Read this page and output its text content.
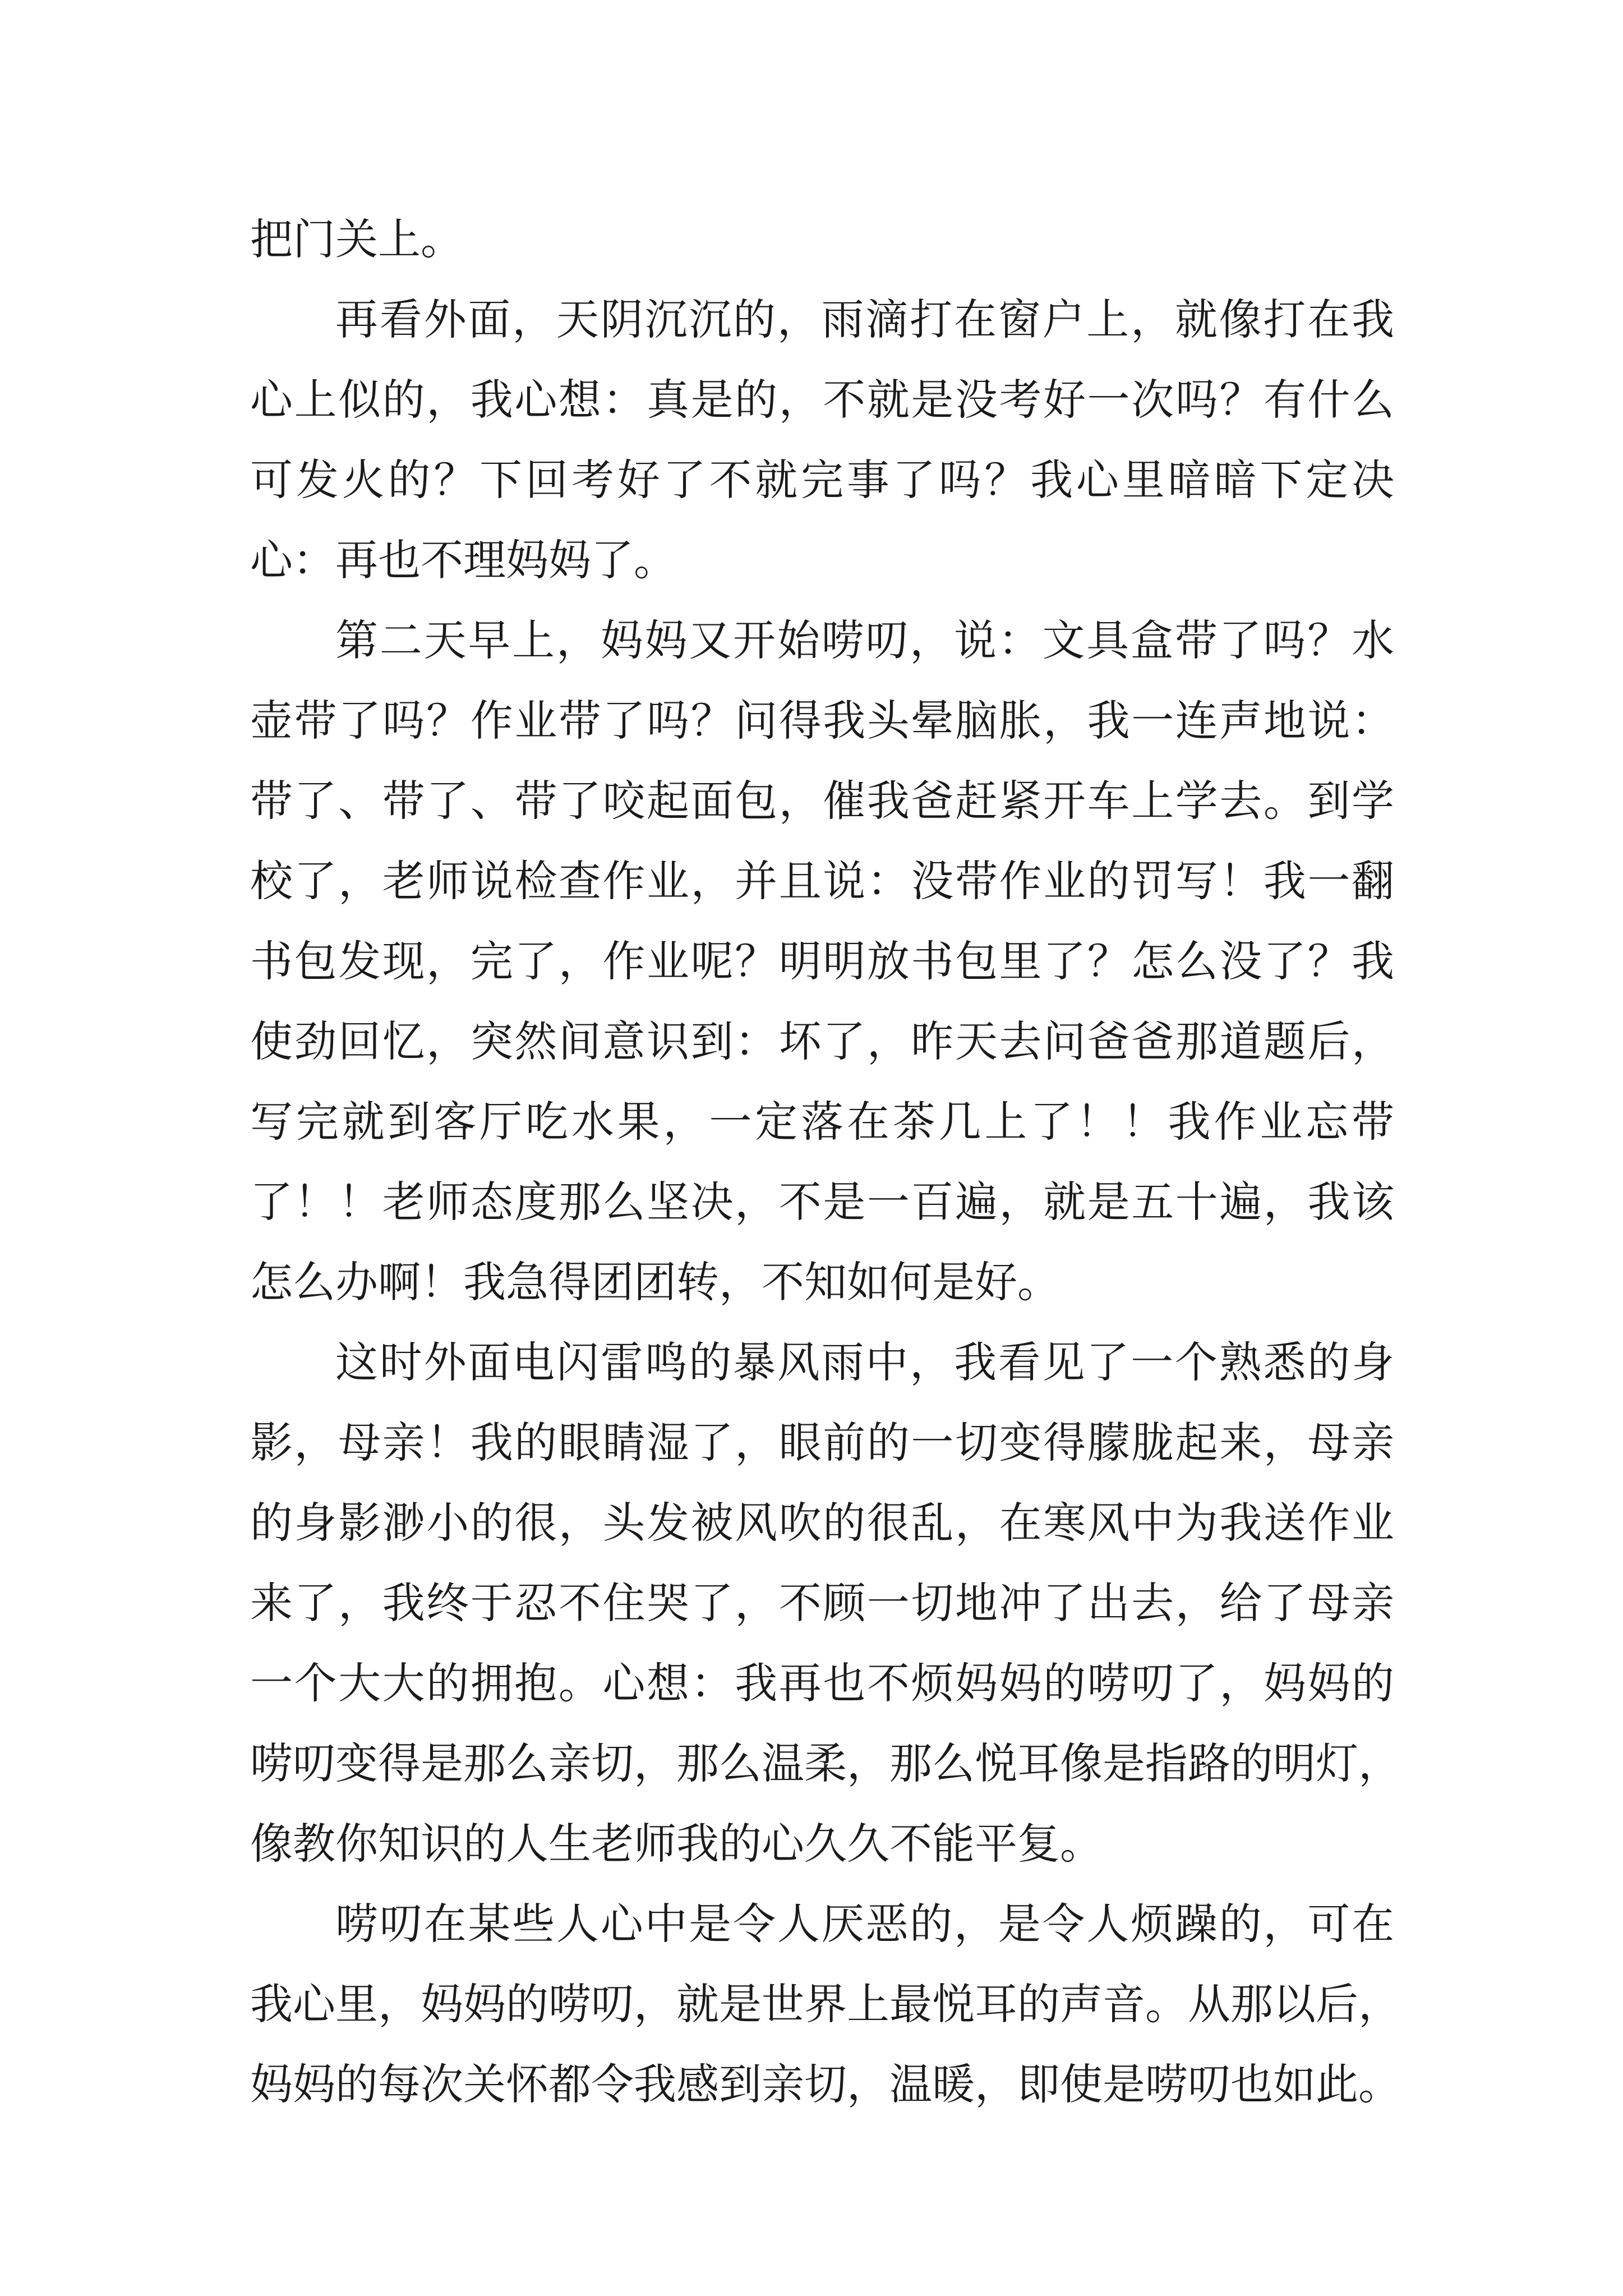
把门关上。
再看外面，天阴沉沉的，雨滴打在窗户上，就像打在我
心上似的，我心想：真是的，不就是没考好一次吗？有什么
可发火的？下回考好了不就完事了吗？我心里暗暗下定决
心：再也不理妈妈了。
第二天早上，妈妈又开始唠叨，说：文具盒带了吗？水
壶带了吗？作业带了吗？问得我头晕脑胀，我一连声地说：
带了、带了、带了咬起面包，催我爸赶紧开车上学去。到学
校了，老师说检查作业，并且说：没带作业的罚写！我一翻
书包发现，完了，作业呢？明明放书包里了？怎么没了？我
使劲回忆，突然间意识到：坏了，昨天去问爸爸那道题后，
写完就到客厅吃水果，一定落在茶几上了！！我作业忘带
了！！老师态度那么坚决，不是一百遍，就是五十遍，我该
怎么办啊！我急得团团转，不知如何是好。
这时外面电闪雷鸣的暴风雨中，我看见了一个熟悉的身
影，母亲！我的眼睛湿了，眼前的一切变得朦胧起来，母亲
的身影渺小的很，头发被风吹的很乱，在寒风中为我送作业
来了，我终于忍不住哭了，不顾一切地冲了出去，给了母亲
一个大大的拥抱。心想：我再也不烦妈妈的唠叨了，妈妈的
唠叨变得是那么亲切，那么温柔，那么悦耳像是指路的明灯，
像教你知识的人生老师我的心久久不能平复。
唠叨在某些人心中是令人厌恶的，是令人烦躁的，可在
我心里，妈妈的唠叨，就是世界上最悦耳的声音。从那以后，
妈妈的每次关怀都令我感到亲切，温暖，即使是唠叨也如此。
